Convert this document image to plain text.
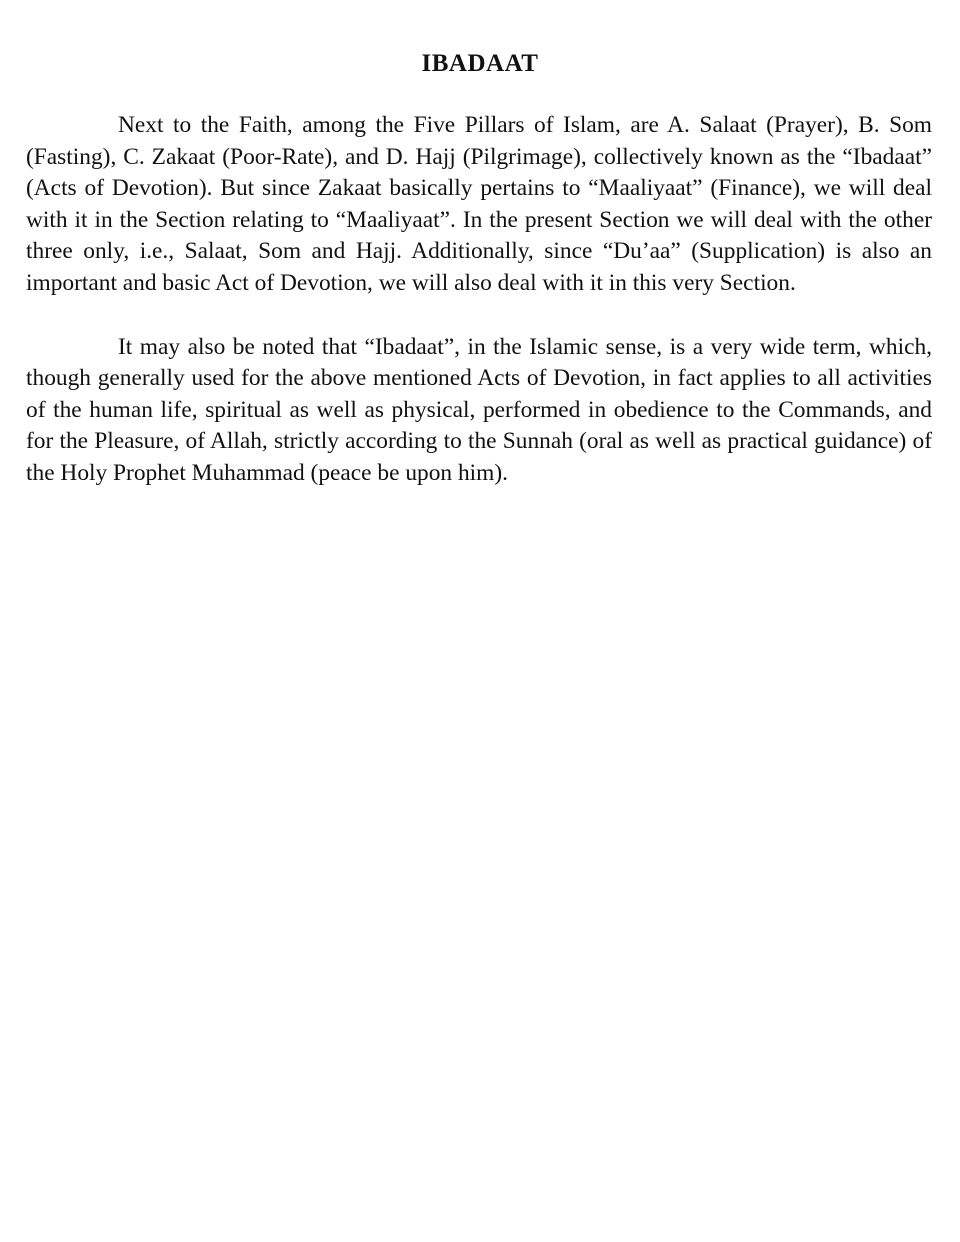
IBADAAT

Next to the Faith, among the Five Pillars of Islam, are A. Salaat (Prayer), B. Som (Fasting), C. Zakaat (Poor-Rate), and D. Hajj (Pilgrimage), collectively known as the “Ibadaat” (Acts of Devotion). But since Zakaat basically pertains to “Maaliyaat” (Finance), we will deal with it in the Section relating to “Maaliyaat”. In the present Section we will deal with the other three only, i.e., Salaat, Som and Hajj. Additionally, since “Du’aa” (Supplication) is also an important and basic Act of Devotion, we will also deal with it in this very Section.

It may also be noted that “Ibadaat”, in the Islamic sense, is a very wide term, which, though generally used for the above mentioned Acts of Devotion, in fact applies to all activities of the human life, spiritual as well as physical, performed in obedience to the Commands, and for the Pleasure, of Allah, strictly according to the Sunnah (oral as well as practical guidance) of the Holy Prophet Muhammad (peace be upon him).
